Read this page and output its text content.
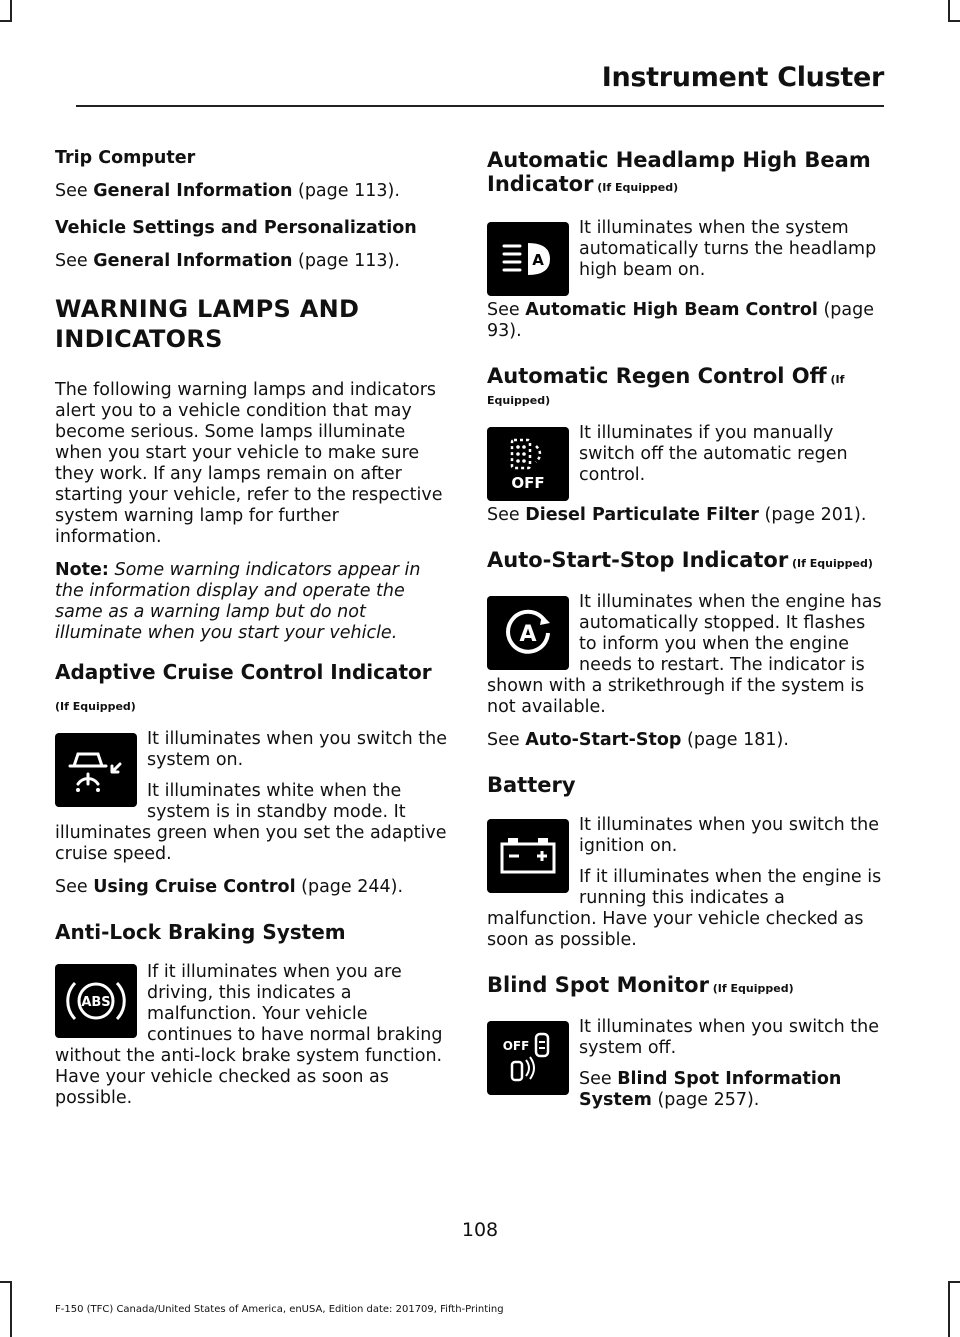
Instrument Cluster

Trip Computer

See General Information (page 113).

Vehicle Settings and Personalization

See General Information (page 113).

WARNING LAMPS AND
INDICATORS

The following warning lamps and indicators alert you to a vehicle condition that may become serious. Some lamps illuminate when you start your vehicle to make sure they work. If any lamps remain on after starting your vehicle, refer to the respective system warning lamp for further information.

Note: Some warning indicators appear in the information display and operate the same as a warning lamp but do not illuminate when you start your vehicle.

Adaptive Cruise Control Indicator
(If Equipped)

It illuminates when you switch the system on.

It illuminates white when the system is in standby mode. It illuminates green when you set the adaptive cruise speed.

See Using Cruise Control (page 244).

Anti-Lock Braking System
ABS

If it illuminates when you are driving, this indicates a malfunction. Your vehicle continues to have normal braking without the anti-lock brake system function. Have your vehicle checked as soon as possible.

Automatic Headlamp High Beam
Indicator (If Equipped)
A

It illuminates when the system automatically turns the headlamp high beam on.

See Automatic High Beam Control (page 93).

Automatic Regen Control Off (If
Equipped)
OFF

It illuminates if you manually switch off the automatic regen control.

See Diesel Particulate Filter (page 201).

Auto-Start-Stop Indicator (If Equipped)
A

It illuminates when the engine has automatically stopped. It flashes to inform you when the engine needs to restart. The indicator is shown with a strikethrough if the system is not available.

See Auto-Start-Stop (page 181).

Battery

It illuminates when you switch the ignition on.

If it illuminates when the engine is running this indicates a malfunction. Have your vehicle checked as soon as possible.

Blind Spot Monitor (If Equipped)
OFF

It illuminates when you switch the system off.

See Blind Spot Information System (page 257).

108
F-150 (TFC) Canada/United States of America, enUSA, Edition date: 201709, Fifth-Printing
